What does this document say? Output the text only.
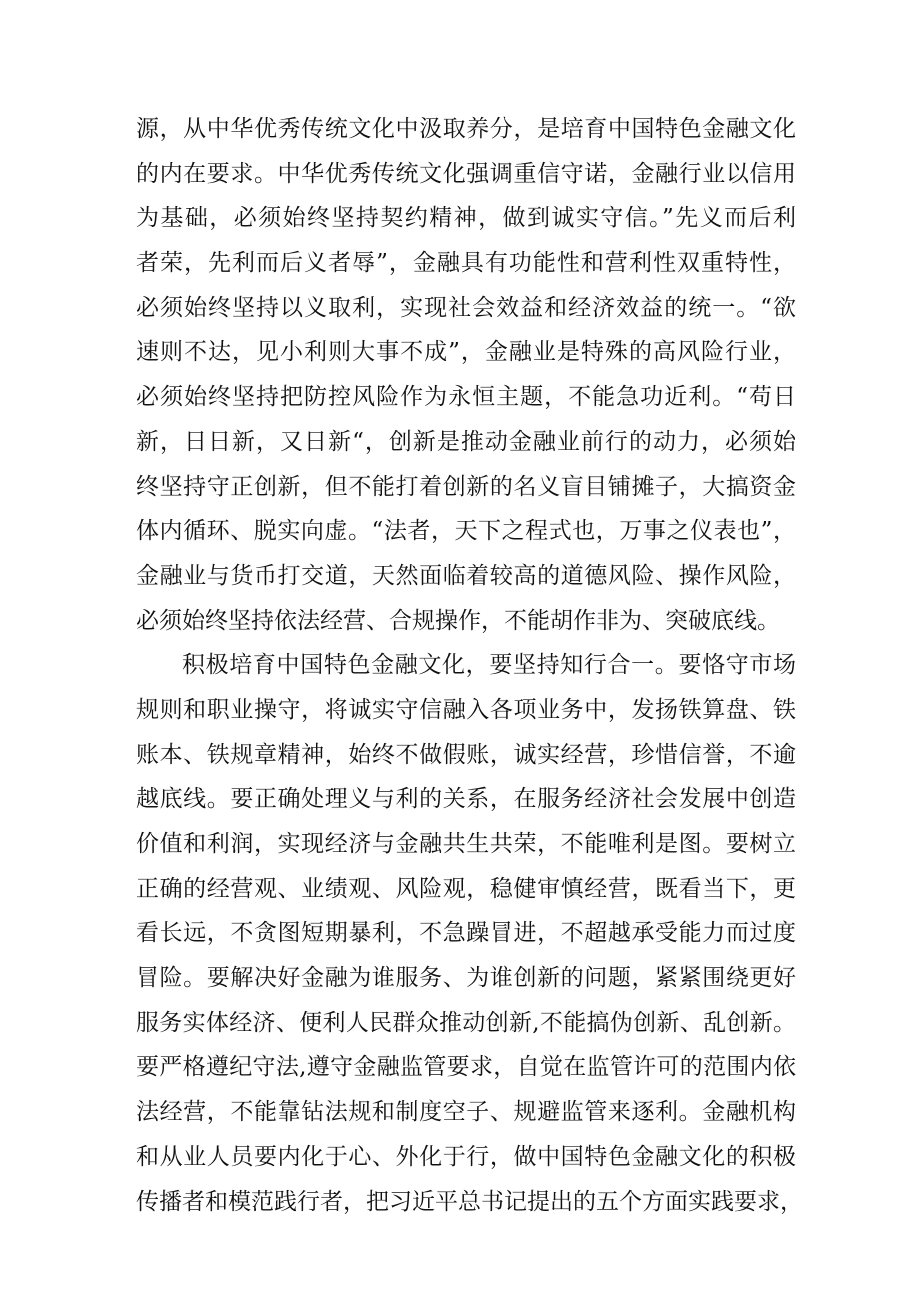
源，从中华优秀传统文化中汲取养分，是培育中国特色金融文化
的内在要求。中华优秀传统文化强调重信守诺，金融行业以信用
为基础，必须始终坚持契约精神，做到诚实守信。”先义而后利
者荣，先利而后义者辱”，金融具有功能性和营利性双重特性，
必须始终坚持以义取利，实现社会效益和经济效益的统一。“欲
速则不达，见小利则大事不成”，金融业是特殊的高风险行业，
必须始终坚持把防控风险作为永恒主题，不能急功近利。“苟日
新，日日新，又日新“，创新是推动金融业前行的动力，必须始
终坚持守正创新，但不能打着创新的名义盲目铺摊子，大搞资金
体内循环、脱实向虚。“法者，天下之程式也，万事之仪表也”，
金融业与货币打交道，天然面临着较高的道德风险、操作风险，
必须始终坚持依法经营、合规操作，不能胡作非为、突破底线。
积极培育中国特色金融文化，要坚持知行合一。要恪守市场
规则和职业操守，将诚实守信融入各项业务中，发扬铁算盘、铁
账本、铁规章精神，始终不做假账，诚实经营，珍惜信誉，不逾
越底线。要正确处理义与利的关系，在服务经济社会发展中创造
价值和利润，实现经济与金融共生共荣，不能唯利是图。要树立
正确的经营观、业绩观、风险观，稳健审慎经营，既看当下，更
看长远，不贪图短期暴利，不急躁冒进，不超越承受能力而过度
冒险。要解决好金融为谁服务、为谁创新的问题，紧紧围绕更好
服务实体经济、便利人民群众推动创新,不能搞伪创新、乱创新。
要严格遵纪守法,遵守金融监管要求，自觉在监管许可的范围内依
法经营，不能靠钻法规和制度空子、规避监管来逐利。金融机构
和从业人员要内化于心、外化于行，做中国特色金融文化的积极
传播者和模范践行者，把习近平总书记提出的五个方面实践要求，
